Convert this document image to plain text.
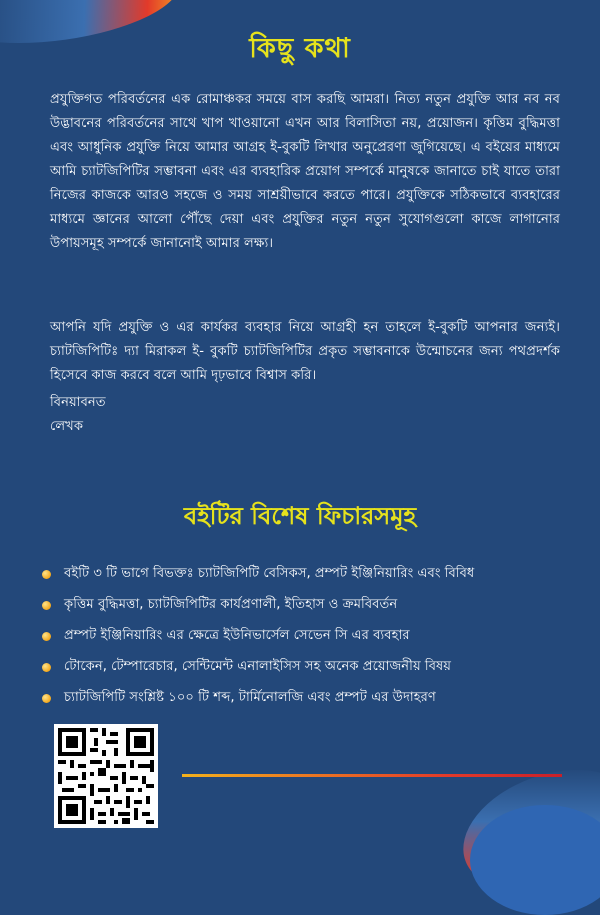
কিছু কথা

প্রযুক্তিগত পরিবর্তনের এক রোমাঞ্চকর সময়ে বাস করছি আমরা। নিত্য নতুন প্রযুক্তি আর নব নব উদ্ভাবনের পরিবর্তনের সাথে খাপ খাওয়ানো এখন আর বিলাসিতা নয়, প্রয়োজন। কৃত্তিম বুদ্ধিমত্তা এবং আধুনিক প্রযুক্তি নিয়ে আমার আগ্রহ ই-বুকটি লিখার অনুপ্রেরণা জুগিয়েছে। এ বইয়ের মাধ্যমে আমি চ্যাটজিপিটির সম্ভাবনা এবং এর ব্যবহারিক প্রয়োগ সম্পর্কে মানুষকে জানাতে চাই যাতে তারা নিজের কাজকে আরও সহজে ও সময় সাশ্রয়ীভাবে করতে পারে। প্রযুক্তিকে সঠিকভাবে ব্যবহারের মাধ্যমে জ্ঞানের আলো পৌঁছে দেয়া এবং প্রযুক্তির নতুন নতুন সুযোগগুলো কাজে লাগানোর উপায়সমূহ সম্পর্কে জানানোই আমার লক্ষ্য।

আপনি যদি প্রযুক্তি ও এর কার্যকর ব্যবহার নিয়ে আগ্রহী হন তাহলে ই-বুকটি আপনার জন্যই। চ্যাটজিপিটিঃ দ্যা মিরাকল ই- বুকটি চ্যাটজিপিটির প্রকৃত সম্ভাবনাকে উন্মোচনের জন্য পথপ্রদর্শক হিসেবে কাজ করবে বলে আমি দৃঢ়ভাবে বিশ্বাস করি।

বিনয়াবনত
লেখক
বইটির বিশেষ ফিচারসমূহ
বইটি ৩ টি ভাগে বিভক্তঃ চ্যাটজিপিটি বেসিকস, প্রম্পট ইঞ্জিনিয়ারিং এবং বিবিধ
কৃত্তিম বুদ্ধিমত্তা, চ্যাটজিপিটির কার্যপ্রণালী, ইতিহাস ও ক্রমবিবর্তন
প্রম্পট ইঞ্জিনিয়ারিং এর ক্ষেত্রে ইউনিভার্সেল সেভেন সি এর ব্যবহার
টোকেন, টেম্পারেচার, সেন্টিমেন্ট এনালাইসিস সহ অনেক প্রয়োজনীয় বিষয়
চ্যাটজিপিটি সংশ্লিষ্ট ১০০ টি শব্দ, টার্মিনোলজি এবং প্রম্পট এর উদাহরণ
